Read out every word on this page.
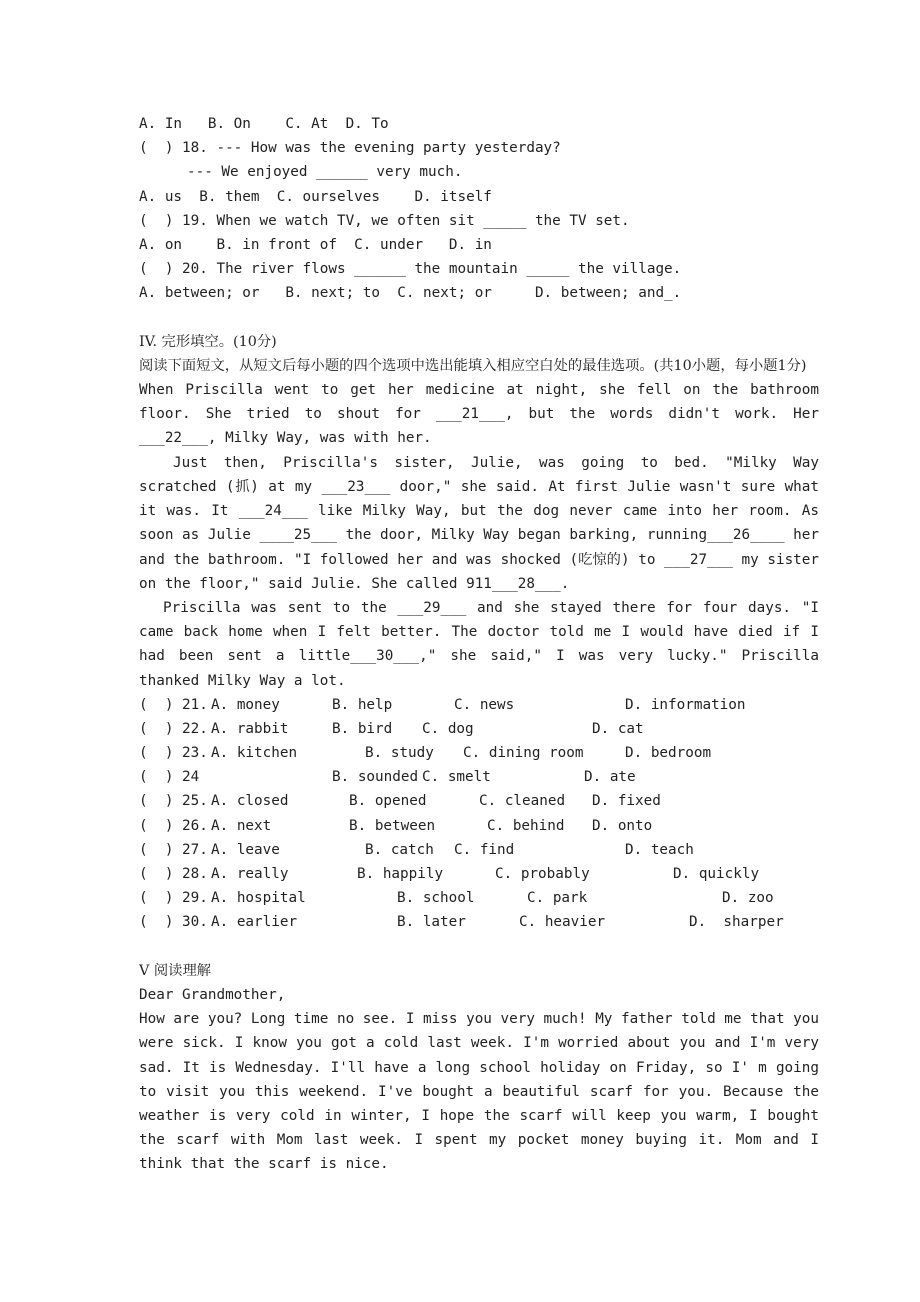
A. In   B. On    C. At  D. To
(  ) 18. --- How was the evening party yesterday?
--- We enjoyed ______ very much.
A. us  B. them  C. ourselves    D. itself
(  ) 19. When we watch TV, we often sit _____ the TV set.
A. on    B. in front of  C. under   D. in
(  ) 20. The river flows ______ the mountain _____ the village.
A. between; or   B. next; to  C. next; or     D. between; and_.
IV. 完形填空。(10分)
阅读下面短文，从短文后每小题的四个选项中选出能填入相应空白处的最佳选项。(共10小题，每小题1分)
When Priscilla went to get her medicine at night, she fell on the bathroom floor. She tried to shout for ___21___, but the words didn't work. Her ___22___, Milky Way, was with her.
Just then, Priscilla's sister, Julie, was going to bed. "Milky Way scratched (抓) at my ___23___ door," she said. At first Julie wasn't sure what it was. It ___24___ like Milky Way, but the dog never came into her room. As soon as Julie ____25___ the door, Milky Way began barking, running___26____ her and the bathroom. "I followed her and was shocked (吃惊的) to ___27___ my sister on the floor," said Julie. She called 911___28___.
Priscilla was sent to the ___29___ and she stayed there for four days. "I came back home when I felt better. The doctor told me I would have died if I had been sent a little___30___," she said," I was very lucky." Priscilla thanked Milky Way a lot.

(  ) 21.

A. money

	B. help

	C. news

	D. information

(  ) 22.

A. rabbit

	B. bird

C. dog

	D. cat

(  ) 23.

A. kitchen

	B. study

C. dining room

	D. bedroom

(  ) 24

	B. sounded

C. smelt

	D. ate

(  ) 25.

A. closed

	B. opened

	C. cleaned

D. fixed

(  ) 26.

A. next

	B. between

	C. behind

D. onto

(  ) 27.

A. leave

	B. catch

C. find

	D. teach

(  ) 28.

A. really

	B. happily

	C. probably

	D. quickly

(  ) 29.

A. hospital

	B. school

	C. park

	D. zoo

(  ) 30.

A. earlier

	B. later

	C. heavier

	D.  sharper

V 阅读理解
Dear Grandmother,
How are you? Long time no see. I miss you very much! My father told me that you were sick. I know you got a cold last week. I'm worried about you and I'm very sad. It is Wednesday. I'll have a long school holiday on Friday, so I' m going to visit you this weekend. I've bought a beautiful scarf for you. Because the weather is very cold in winter, I hope the scarf will keep you warm, I bought the scarf with Mom last week. I spent my pocket money buying it. Mom and I think that the scarf is nice.
